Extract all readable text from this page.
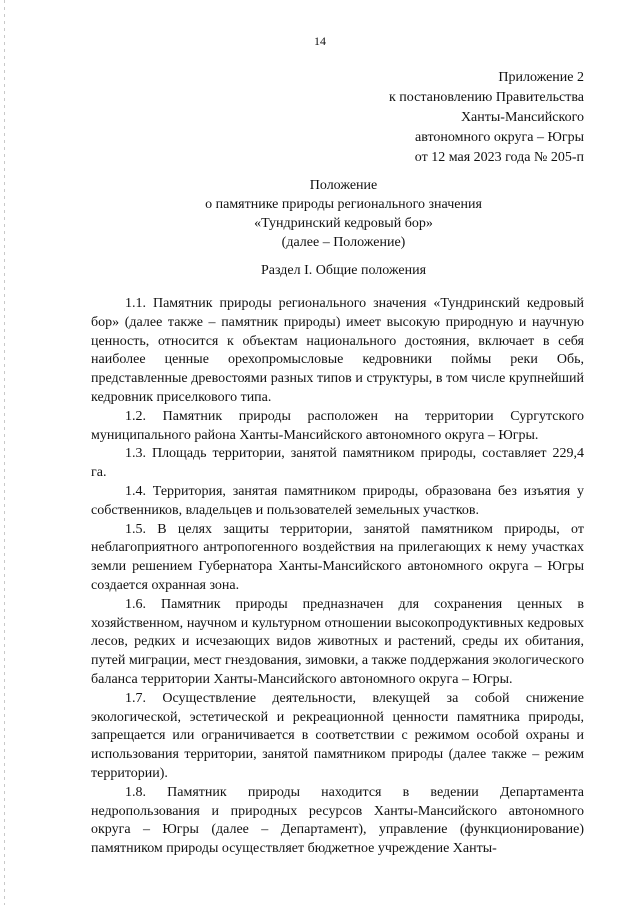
14
Приложение 2
к постановлению Правительства
Ханты-Мансийского
автономного округа – Югры
от 12 мая 2023 года № 205-п
Положение
о памятнике природы регионального значения
«Тундринский кедровый бор»
(далее – Положение)
Раздел I. Общие положения

1.1. Памятник природы регионального значения «Тундринский кедровый бор» (далее также – памятник природы) имеет высокую природную и научную ценность, относится к объектам национального достояния, включает в себя наиболее ценные орехопромысловые кедровники поймы реки Обь, представленные древостоями разных типов и структуры, в том числе крупнейший кедровник приселкового типа.

1.2. Памятник природы расположен на территории Сургутского муниципального района Ханты-Мансийского автономного округа – Югры.

1.3. Площадь территории, занятой памятником природы, составляет 229,4 га.

1.4. Территория, занятая памятником природы, образована без изъятия у собственников, владельцев и пользователей земельных участков.

1.5. В целях защиты территории, занятой памятником природы, от неблагоприятного антропогенного воздействия на прилегающих к нему участках земли решением Губернатора Ханты-Мансийского автономного округа – Югры создается охранная зона.

1.6. Памятник природы предназначен для сохранения ценных в хозяйственном, научном и культурном отношении высокопродуктивных кедровых лесов, редких и исчезающих видов животных и растений, среды их обитания, путей миграции, мест гнездования, зимовки, а также поддержания экологического баланса территории Ханты-Мансийского автономного округа – Югры.

1.7. Осуществление деятельности, влекущей за собой снижение экологической, эстетической и рекреационной ценности памятника природы, запрещается или ограничивается в соответствии с режимом особой охраны и использования территории, занятой памятником природы (далее также – режим территории).

1.8. Памятник природы находится в ведении Департамента недропользования и природных ресурсов Ханты-Мансийского автономного округа – Югры (далее – Департамент), управление (функционирование) памятником природы осуществляет бюджетное учреждение Ханты-
